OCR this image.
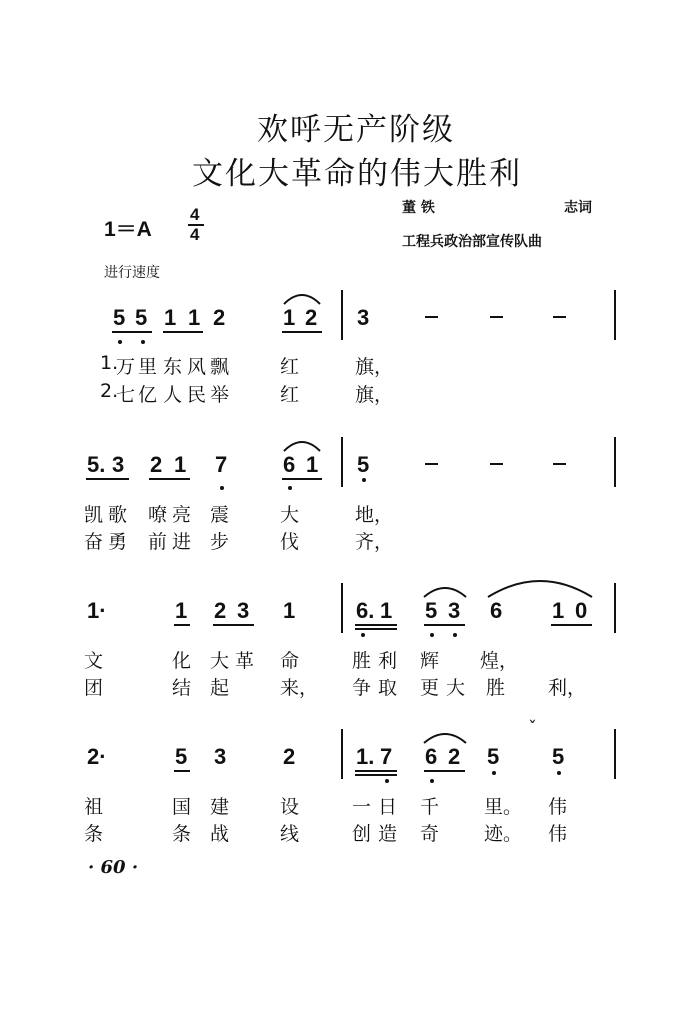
欢呼无产阶级
文化大革命的伟大胜利
1＝A
4
4
董 铁	志词
工程兵政治部宣传队曲
进行速度
5 5 1 1 2	1 2 3
1.
万 里 东 风 飘	红	旗，
2.
七 亿 人 民 举	红	旗，
5. 3 2 1 7	6 1 5
凯 歌 嘹 亮 震	大	地，
奋 勇 前 进 步	伐	齐，
1·	1 2 3 1	6. 1 5 3 6 1 0
文	化 大 革 命	胜 利 辉 煌，
团	结 起	来， 争 取 更 大 胜 利，
2·	5 3	2	1. 7 6 2 5 5
ˇ
祖	国 建	设	一 日 千 里。 伟
条	条 战	线	创 造 奇 迹。 伟
· 60 ·
